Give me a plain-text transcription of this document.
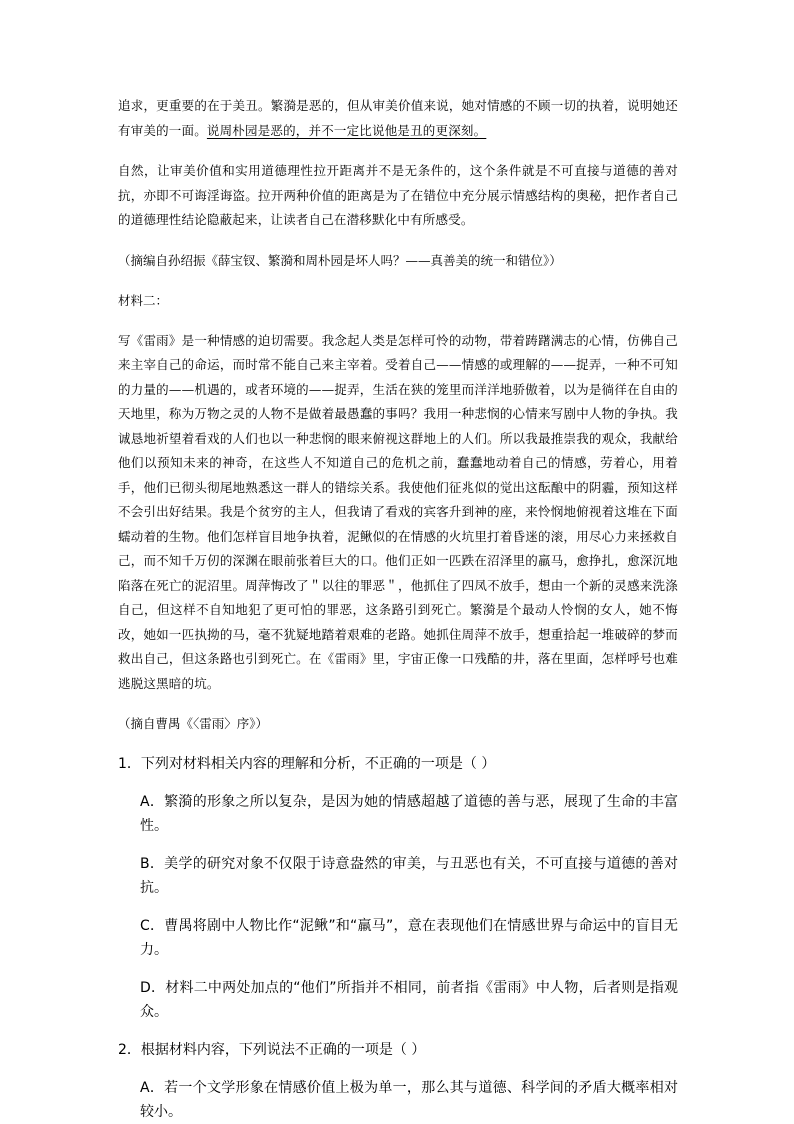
追求，更重要的在于美丑。繁漪是恶的，但从审美价值来说，她对情感的不顾一切的执着，说明她还有审美的一面。说周朴园是恶的，并不一定比说他是丑的更深刻。

自然，让审美价值和实用道德理性拉开距离并不是无条件的，这个条件就是不可直接与道德的善对抗，亦即不可诲淫诲盗。拉开两种价值的距离是为了在错位中充分展示情感结构的奥秘，把作者自己的道德理性结论隐蔽起来，让读者自己在潜移默化中有所感受。

（摘编自孙绍振《薛宝钗、繁漪和周朴园是坏人吗？——真善美的统一和错位》）

材料二：

写《雷雨》是一种情感的迫切需要。我念起人类是怎样可怜的动物，带着踌躇满志的心情，仿佛自己来主宰自己的命运，而时常不能自己来主宰着。受着自己——情感的或理解的——捉弄，一种不可知的力量的——机遇的，或者环境的——捉弄，生活在狭的笼里而洋洋地骄傲着，以为是徜徉在自由的天地里，称为万物之灵的人物不是做着最愚蠢的事吗？我用一种悲悯的心情来写剧中人物的争执。我诚恳地祈望着看戏的人们也以一种悲悯的眼来俯视这群地上的人们。所以我最推崇我的观众，我献给他们以预知未来的神奇，在这些人不知道自己的危机之前，蠢蠢地动着自己的情感，劳着心，用着手，他们已彻头彻尾地熟悉这一群人的错综关系。我使他们征兆似的觉出这酝酿中的阴霾，预知这样不会引出好结果。我是个贫穷的主人，但我请了看戏的宾客升到神的座，来怜悯地俯视着这堆在下面蠕动着的生物。他们怎样盲目地争执着，泥鳅似的在情感的火坑里打着昏迷的滚，用尽心力来拯救自己，而不知千万仞的深渊在眼前张着巨大的口。他们正如一匹跌在沼泽里的羸马，愈挣扎，愈深沉地陷落在死亡的泥沼里。周萍悔改了＂以往的罪恶＂，他抓住了四凤不放手，想由一个新的灵感来洗涤自己，但这样不自知地犯了更可怕的罪恶，这条路引到死亡。繁漪是个最动人怜悯的女人，她不悔改，她如一匹执拗的马，毫不犹疑地踏着艰难的老路。她抓住周萍不放手，想重拾起一堆破碎的梦而救出自己，但这条路也引到死亡。在《雷雨》里，宇宙正像一口残酷的井，落在里面，怎样呼号也难逃脱这黑暗的坑。

（摘自曹禺《〈雷雨〉序》）

1．下列对材料相关内容的理解和分析，不正确的一项是（ ）

A．繁漪的形象之所以复杂，是因为她的情感超越了道德的善与恶，展现了生命的丰富性。

B．美学的研究对象不仅限于诗意盎然的审美，与丑恶也有关，不可直接与道德的善对抗。

C．曹禺将剧中人物比作“泥鳅”和“羸马”，意在表现他们在情感世界与命运中的盲目无力。

D．材料二中两处加点的“他们”所指并不相同，前者指《雷雨》中人物，后者则是指观众。

2．根据材料内容，下列说法不正确的一项是（ ）

A．若一个文学形象在情感价值上极为单一，那么其与道德、科学间的矛盾大概率相对较小。
